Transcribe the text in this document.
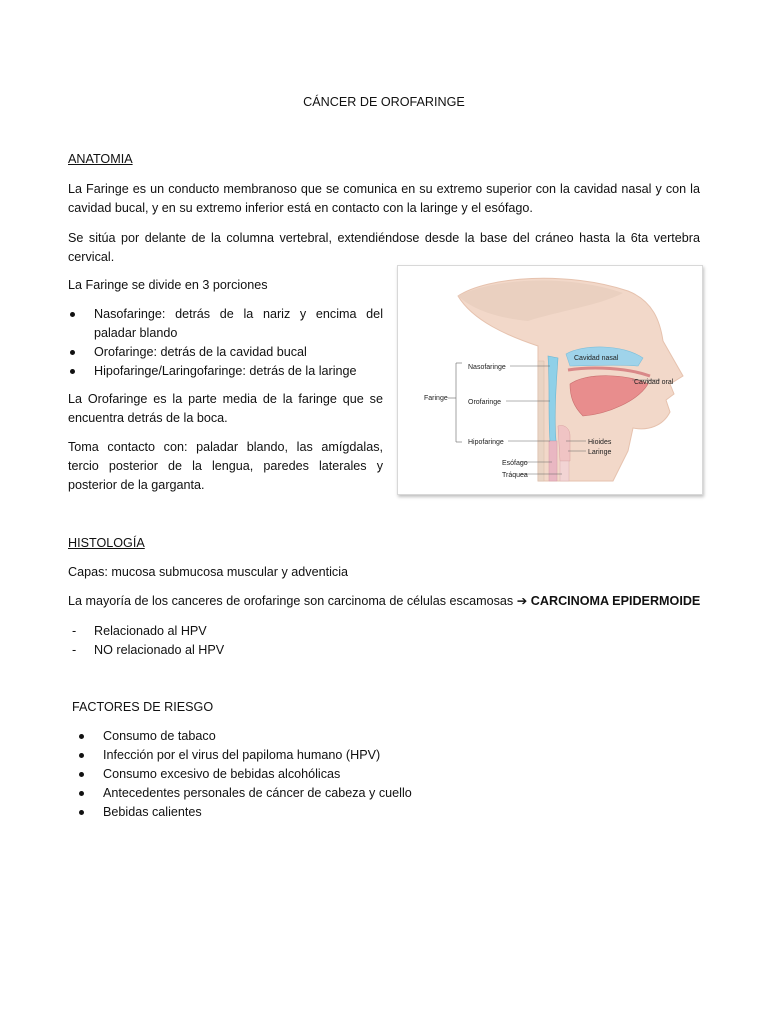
CÁNCER DE OROFARINGE
ANATOMIA

La Faringe es un conducto membranoso que se comunica en su extremo superior con la cavidad nasal y con la cavidad bucal, y en su extremo inferior está en contacto con la laringe y el esófago.

Se sitúa por delante de la columna vertebral, extendiéndose desde la base del cráneo hasta la 6ta vertebra cervical.

La Faringe se divide en 3 porciones

Nasofaringe: detrás de la nariz y encima del paladar blando
Orofaringe: detrás de la cavidad bucal
Hipofaringe/Laringofaringe: detrás de la laringe

La Orofaringe es la parte media de la faringe que se encuentra detrás de la boca.

Toma contacto con: paladar blando, las amígdalas, tercio posterior de la lengua, paredes laterales y posterior de la garganta.

Faringe
Nasofaringe
Orofaringe
Hipofaringe
Esófago
Tráquea
Cavidad nasal
Cavidad oral
Hioides
Laringe
HISTOLOGÍA

Capas: mucosa submucosa muscular y adventicia

La mayoría de los canceres de orofaringe son carcinoma de células escamosas ➔ CARCINOMA EPIDERMOIDE

- Relacionado al HPV
- NO relacionado al HPV
FACTORES DE RIESGO
Consumo de tabaco
Infección por el virus del papiloma humano (HPV)
Consumo excesivo de bebidas alcohólicas
Antecedentes personales de cáncer de cabeza y cuello
Bebidas calientes
